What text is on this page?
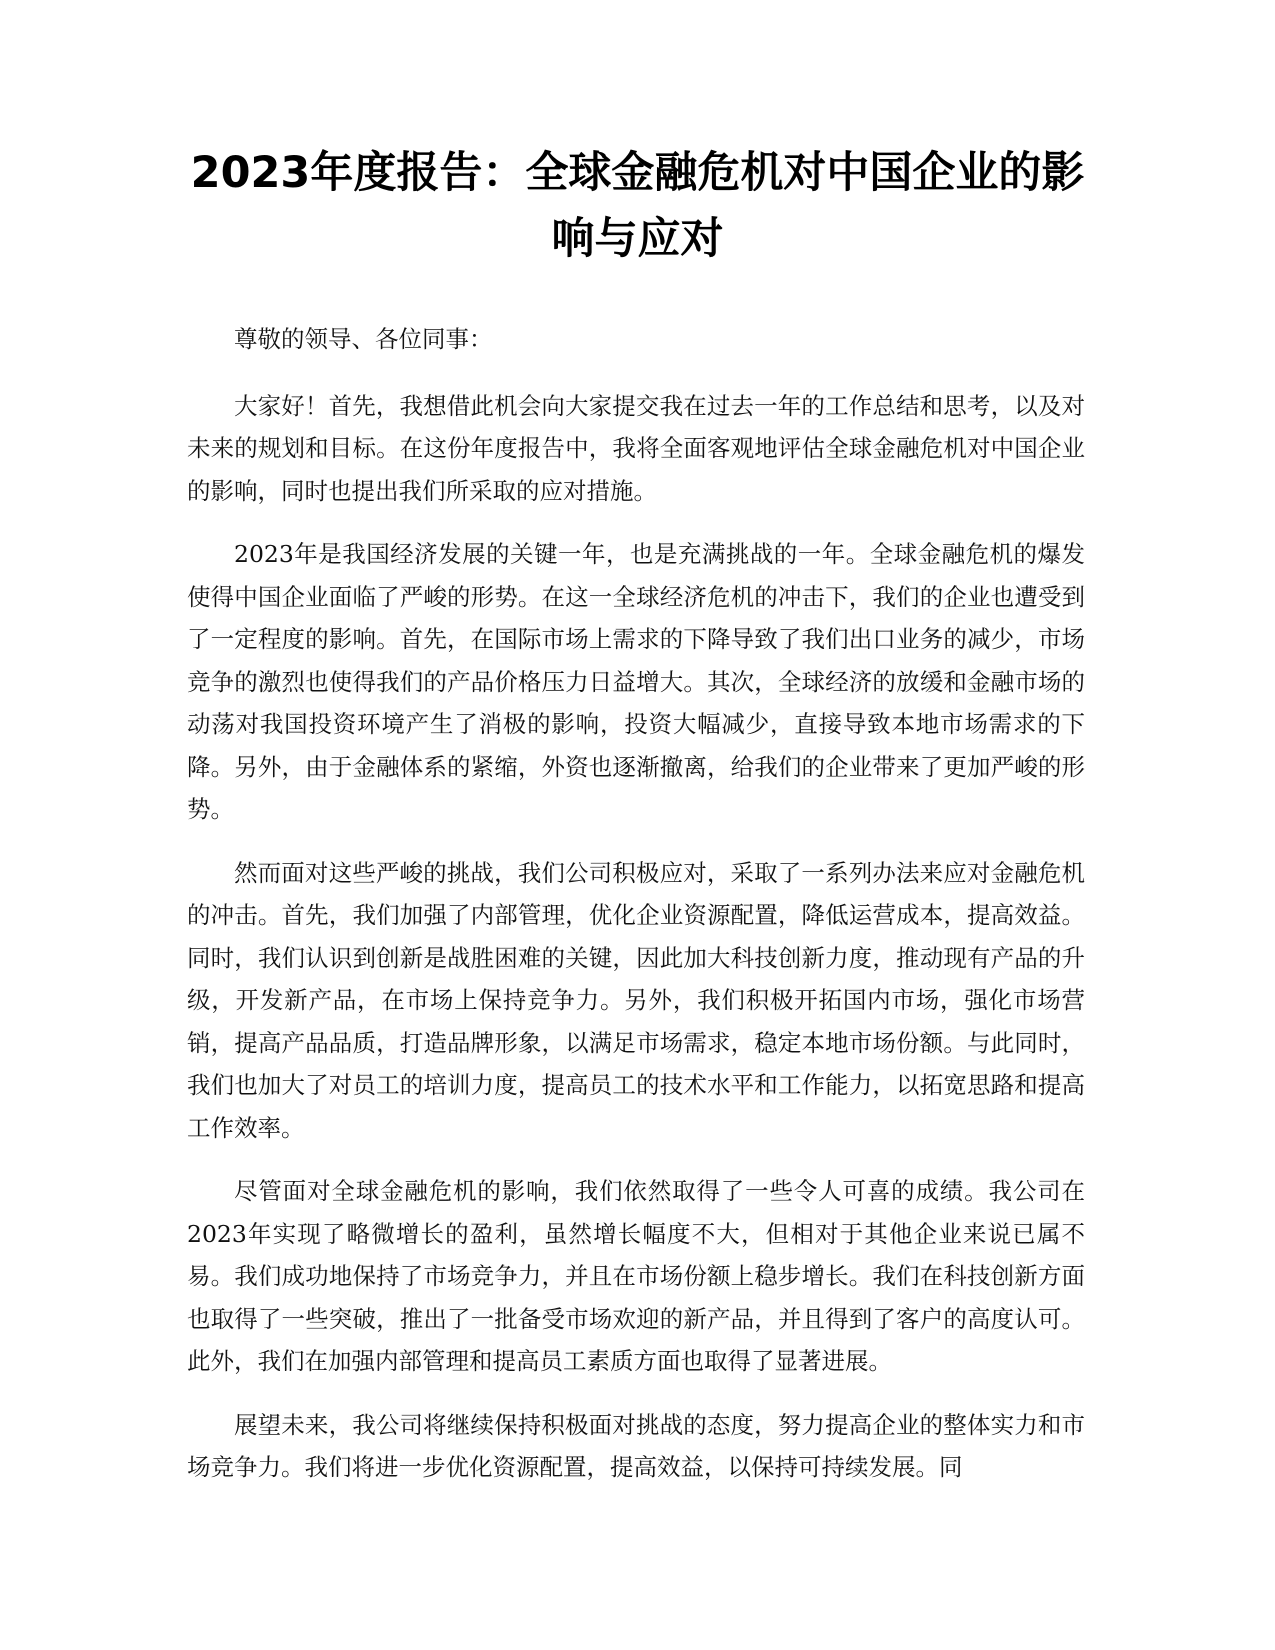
2023年度报告：全球金融危机对中国企业的影响与应对

尊敬的领导、各位同事：

大家好！首先，我想借此机会向大家提交我在过去一年的工作总结和思考，以及对未来的规划和目标。在这份年度报告中，我将全面客观地评估全球金融危机对中国企业的影响，同时也提出我们所采取的应对措施。

2023年是我国经济发展的关键一年，也是充满挑战的一年。全球金融危机的爆发使得中国企业面临了严峻的形势。在这一全球经济危机的冲击下，我们的企业也遭受到了一定程度的影响。首先，在国际市场上需求的下降导致了我们出口业务的减少，市场竞争的激烈也使得我们的产品价格压力日益增大。其次，全球经济的放缓和金融市场的动荡对我国投资环境产生了消极的影响，投资大幅减少，直接导致本地市场需求的下降。另外，由于金融体系的紧缩，外资也逐渐撤离，给我们的企业带来了更加严峻的形势。

然而面对这些严峻的挑战，我们公司积极应对，采取了一系列办法来应对金融危机的冲击。首先，我们加强了内部管理，优化企业资源配置，降低运营成本，提高效益。同时，我们认识到创新是战胜困难的关键，因此加大科技创新力度，推动现有产品的升级，开发新产品，在市场上保持竞争力。另外，我们积极开拓国内市场，强化市场营销，提高产品品质，打造品牌形象，以满足市场需求，稳定本地市场份额。与此同时，我们也加大了对员工的培训力度，提高员工的技术水平和工作能力，以拓宽思路和提高工作效率。

尽管面对全球金融危机的影响，我们依然取得了一些令人可喜的成绩。我公司在2023年实现了略微增长的盈利，虽然增长幅度不大，但相对于其他企业来说已属不易。我们成功地保持了市场竞争力，并且在市场份额上稳步增长。我们在科技创新方面也取得了一些突破，推出了一批备受市场欢迎的新产品，并且得到了客户的高度认可。此外，我们在加强内部管理和提高员工素质方面也取得了显著进展。

展望未来，我公司将继续保持积极面对挑战的态度，努力提高企业的整体实力和市场竞争力。我们将进一步优化资源配置，提高效益，以保持可持续发展。同
